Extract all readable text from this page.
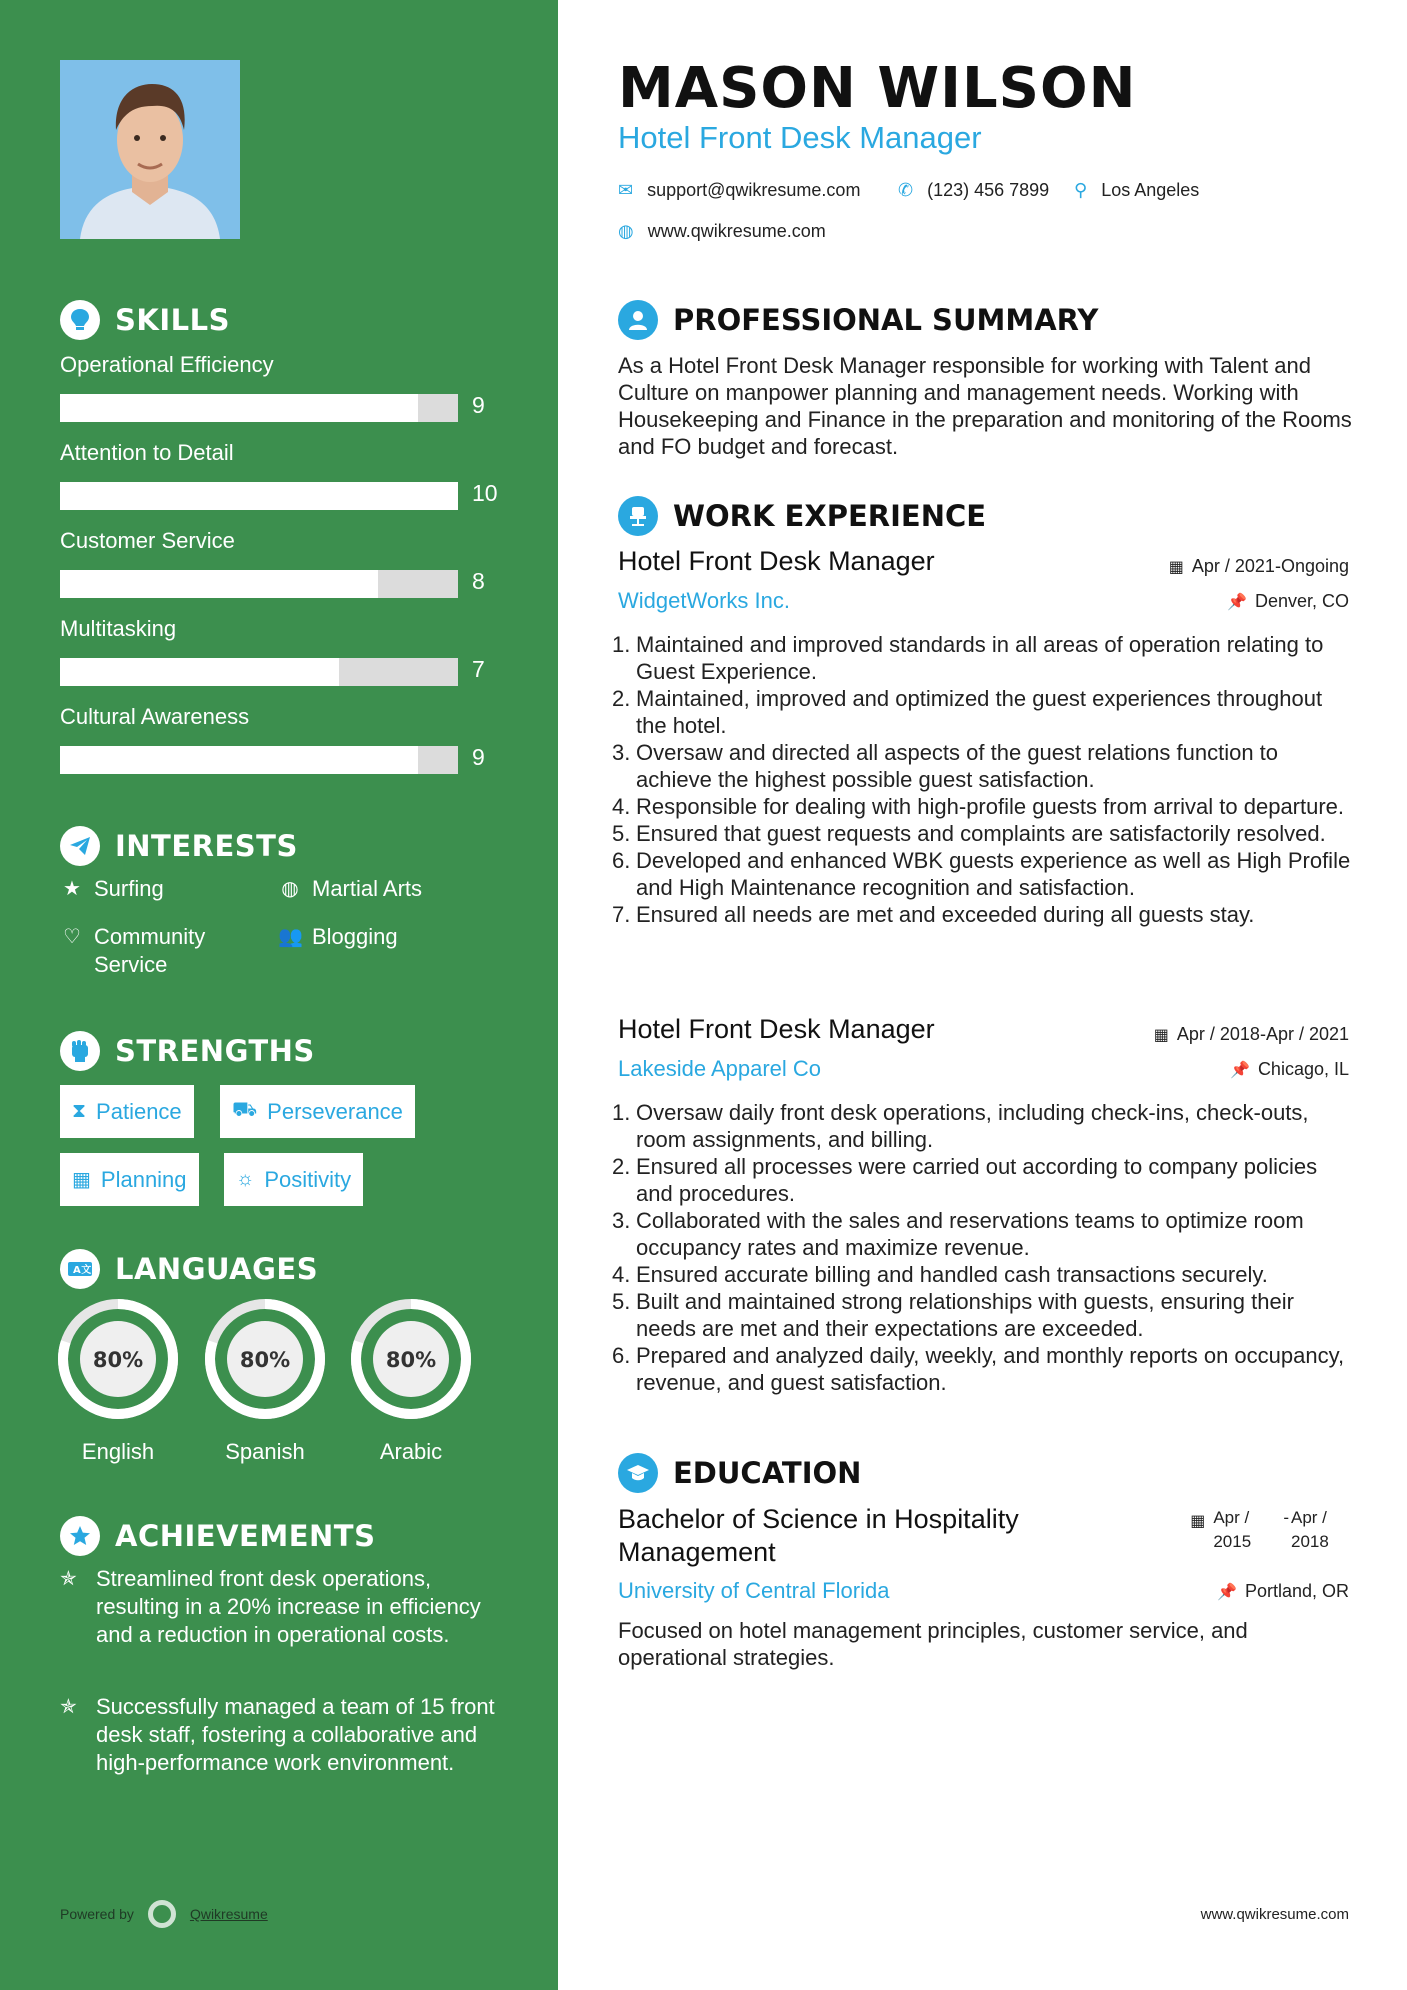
SKILLS
Operational Efficiency
9
Attention to Detail
10
Customer Service
8
Multitasking
7
Cultural Awareness
9
INTERESTS
★ Surfing	◍ Martial Arts
♡ Community Service
👥 Blogging
STRENGTHS
⧗ Patience	⛟ Perseverance
▦ Planning ☼ Positivity
A文 LANGUAGES
80%
English
80%
Spanish
80%
Arabic
ACHIEVEMENTS
✯ Streamlined front desk operations, resulting in a 20% increase in efficiency and a reduction in operational costs.
✯ Successfully managed a team of 15 front desk staff, fostering a collaborative and high-performance work environment.
Powered by	Qwikresume
MASON WILSON
Hotel Front Desk Manager
✉ support@qwikresume.com ✆ (123) 456 7899 ⚲ Los Angeles
◍ www.qwikresume.com
PROFESSIONAL SUMMARY
As a Hotel Front Desk Manager responsible for working with Talent and Culture on manpower planning and management needs. Working with Housekeeping and Finance in the preparation and monitoring of the Rooms and FO budget and forecast.
WORK EXPERIENCE
Hotel Front Desk Manager	▦ Apr / 2021-Ongoing
WidgetWorks Inc.	📌 Denver, CO
1. Maintained and improved standards in all areas of operation relating to Guest Experience.
2. Maintained, improved and optimized the guest experiences throughout the hotel.
3. Oversaw and directed all aspects of the guest relations function to achieve the highest possible guest satisfaction.
4. Responsible for dealing with high-profile guests from arrival to departure.
5. Ensured that guest requests and complaints are satisfactorily resolved.
6. Developed and enhanced WBK guests experience as well as High Profile and High Maintenance recognition and satisfaction.
7. Ensured all needs are met and exceeded during all guests stay.
Hotel Front Desk Manager	▦ Apr / 2018-Apr / 2021
Lakeside Apparel Co	📌 Chicago, IL
1. Oversaw daily front desk operations, including check-ins, check-outs, room assignments, and billing.
2. Ensured all processes were carried out according to company policies and procedures.
3. Collaborated with the sales and reservations teams to optimize room occupancy rates and maximize revenue.
4. Ensured accurate billing and handled cash transactions securely.
5. Built and maintained strong relationships with guests, ensuring their needs are met and their expectations are exceeded.
6. Prepared and analyzed daily, weekly, and monthly reports on occupancy, revenue, and guest satisfaction.
EDUCATION
Bachelor of Science in Hospitality Management
▦ Apr / 2015
- Apr / 2018
University of Central Florida	📌 Portland, OR
Focused on hotel management principles, customer service, and operational strategies.
www.qwikresume.com
